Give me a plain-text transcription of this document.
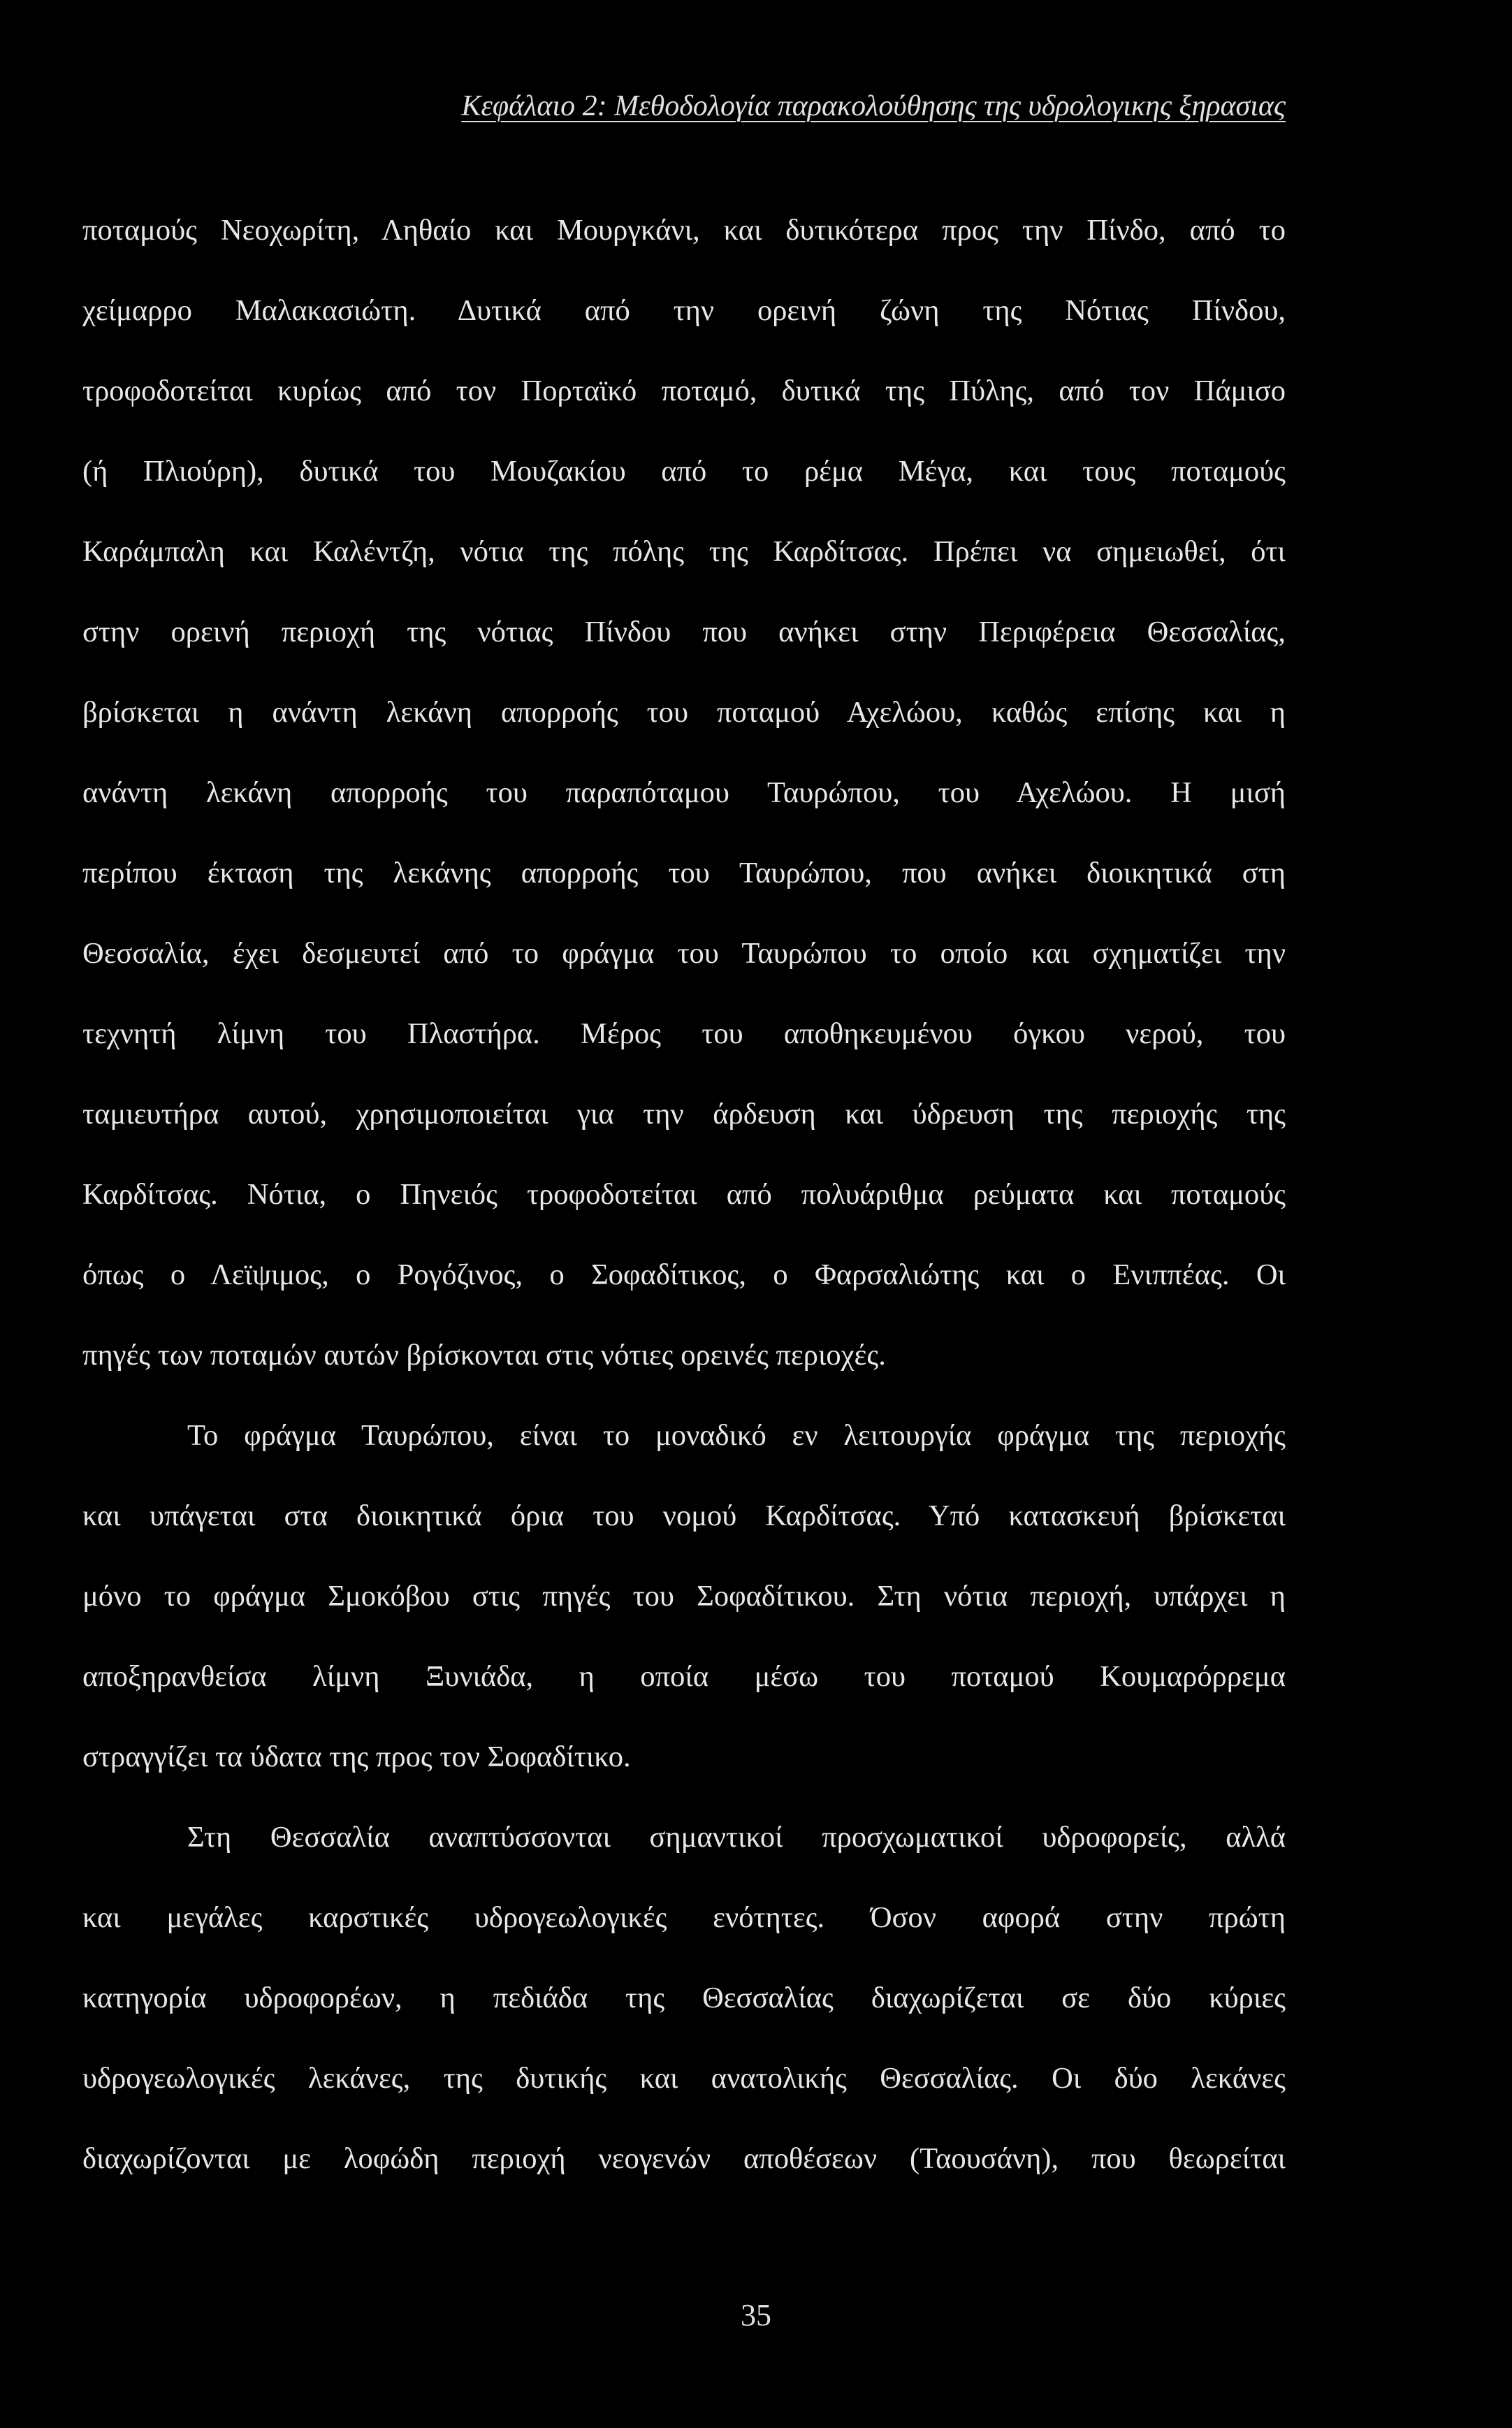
Κεφάλαιο 2: Μεθοδολογία παρακολούθησης της υδρολογικης ξηρασιας
ποταμούς Νεοχωρίτη, Ληθαίο και Μουργκάνι, και δυτικότερα προς την Πίνδο, από το
χείμαρρο Μαλακασιώτη. Δυτικά από την ορεινή ζώνη της Νότιας Πίνδου,
τροφοδοτείται κυρίως από τον Πορταϊκό ποταμό, δυτικά της Πύλης, από τον Πάμισο
(ή Πλιούρη), δυτικά του Μουζακίου από το ρέμα Μέγα, και τους ποταμούς
Καράμπαλη και Καλέντζη, νότια της πόλης της Καρδίτσας. Πρέπει να σημειωθεί, ότι
στην ορεινή περιοχή της νότιας Πίνδου που ανήκει στην Περιφέρεια Θεσσαλίας,
βρίσκεται η ανάντη λεκάνη απορροής του ποταμού Αχελώου, καθώς επίσης και η
ανάντη λεκάνη απορροής του παραπόταμου Ταυρώπου, του Αχελώου. Η μισή
περίπου έκταση της λεκάνης απορροής του Ταυρώπου, που ανήκει διοικητικά στη
Θεσσαλία, έχει δεσμευτεί από το φράγμα του Ταυρώπου το οποίο και σχηματίζει την
τεχνητή λίμνη του Πλαστήρα. Μέρος του αποθηκευμένου όγκου νερού, του
ταμιευτήρα αυτού, χρησιμοποιείται για την άρδευση και ύδρευση της περιοχής της
Καρδίτσας. Νότια, ο Πηνειός τροφοδοτείται από πολυάριθμα ρεύματα και ποταμούς
όπως ο Λεϊψιμος, ο Ρογόζινος, ο Σοφαδίτικος, ο Φαρσαλιώτης και ο Ενιππέας. Οι
πηγές των ποταμών αυτών βρίσκονται στις νότιες ορεινές περιοχές.
Το φράγμα Ταυρώπου, είναι το μοναδικό εν λειτουργία φράγμα της περιοχής
και υπάγεται στα διοικητικά όρια του νομού Καρδίτσας. Υπό κατασκευή βρίσκεται
μόνο το φράγμα Σμοκόβου στις πηγές του Σοφαδίτικου. Στη νότια περιοχή, υπάρχει η
αποξηρανθείσα λίμνη Ξυνιάδα, η οποία μέσω του ποταμού Κουμαρόρρεμα
στραγγίζει τα ύδατα της προς τον Σοφαδίτικο.
Στη Θεσσαλία αναπτύσσονται σημαντικοί προσχωματικοί υδροφορείς, αλλά
και μεγάλες καρστικές υδρογεωλογικές ενότητες. Όσον αφορά στην πρώτη
κατηγορία υδροφορέων, η πεδιάδα της Θεσσαλίας διαχωρίζεται σε δύο κύριες
υδρογεωλογικές λεκάνες, της δυτικής και ανατολικής Θεσσαλίας. Οι δύο λεκάνες
διαχωρίζονται με λοφώδη περιοχή νεογενών αποθέσεων (Ταουσάνη), που θεωρείται
35
